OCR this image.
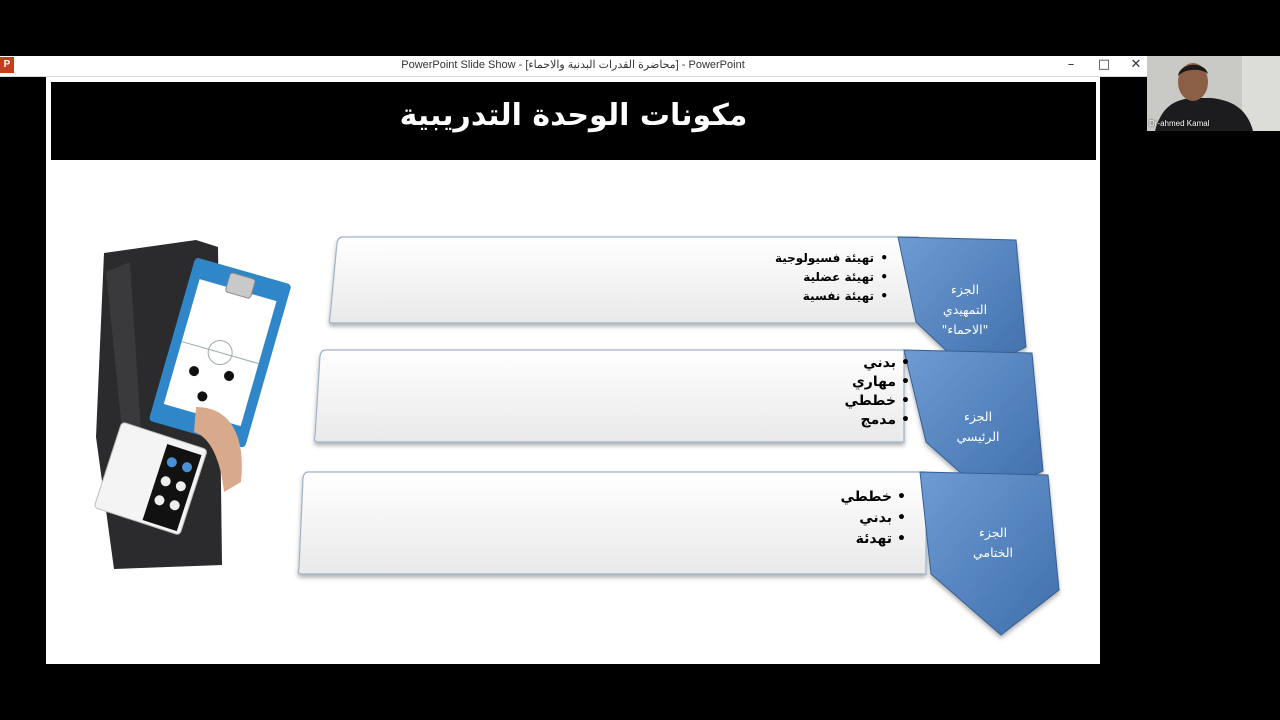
P	PowerPoint Slide Show - [محاضرة القدرات البدنية والاحماء] - PowerPoint	–	□	✕
مكونات الوحدة التدريبية
الجزء
التمهيدي
"الاحماء"
الجزء
الرئيسي
الجزء
الختامي
• تهيئة فسيولوجية
• تهيئة عضلية
• تهيئة نفسية
• بدني
• مهاري
• خططي
• مدمج
• خططي
• بدني
• تهدئة
Dr-ahmed Kamal
